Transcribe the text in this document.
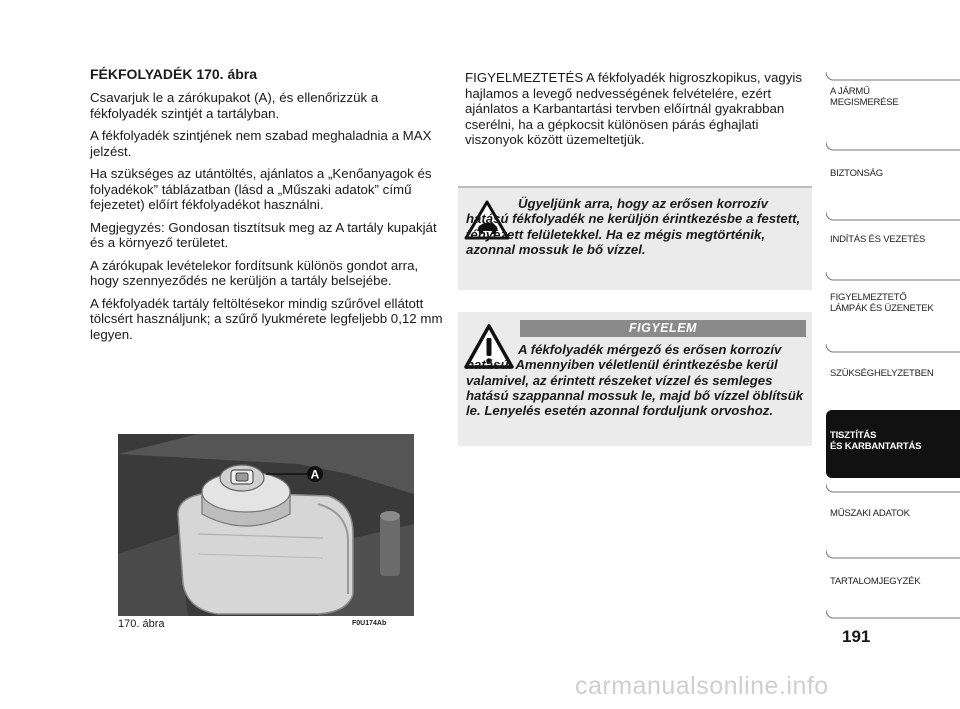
FÉKFOLYADÉK 170. ábra

Csavarjuk le a zárókupakot (A), és ellenőrizzük a fékfolyadék szintjét a tartályban.

A fékfolyadék szintjének nem szabad meghaladnia a MAX jelzést.

Ha szükséges az utántöltés, ajánlatos a „Kenőanyagok és folyadékok” táblázatban (lásd a „Műszaki adatok” című fejezetet) előírt fékfolyadékot használni.

Megjegyzés: Gondosan tisztítsuk meg az A tartály kupakját és a környező területet.

A zárókupak levételekor fordítsunk különös gondot arra, hogy szennyeződés ne kerüljön a tartály belsejébe.

A fékfolyadék tartály feltöltésekor mindig szűrővel ellátott tölcsért használjunk; a szűrő lyukmérete legfeljebb 0,12 mm legyen.

FIGYELMEZTETÉS A fékfolyadék higroszkopikus, vagyis hajlamos a levegő nedvességének felvételére, ezért ajánlatos a Karbantartási tervben előírtnál gyakrabban cserélni, ha a gépkocsit különösen párás éghajlati viszonyok között üzemeltetjük.

Ügyeljünk arra, hogy az erősen korrozív hatású fékfolyadék ne kerüljön érintkezésbe a festett, fényezett felületekkel. Ha ez mégis megtörténik, azonnal mossuk le bő vízzel.
FIGYELEM
A fékfolyadék mérgező és erősen korrozív hatású. Amennyiben véletlenül érintkezésbe kerül valamivel, az érintett részeket vízzel és semleges hatású szappannal mossuk le, majd bő vízzel öblítsük le. Lenyelés esetén azonnal forduljunk orvoshoz.
A
170. ábra	F0U174Ab
A JÁRMŰ
MEGISMERÉSE
BIZTONSÁG
INDÍTÁS ÉS VEZETÉS
FIGYELMEZTETŐ
LÁMPÁK ÉS ÜZENETEK
SZÜKSÉGHELYZETBEN
TISZTÍTÁS
ÉS KARBANTARTÁS
MŰSZAKI ADATOK
TARTALOMJEGYZÉK
191
carmanualsonline.info
